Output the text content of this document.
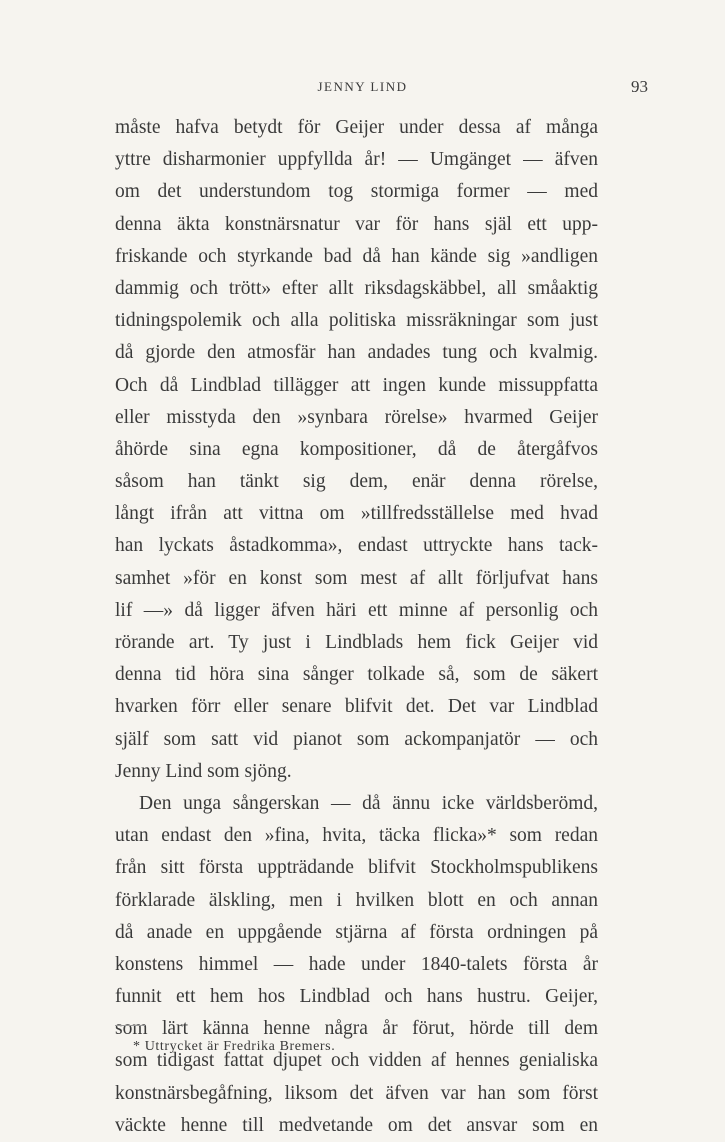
JENNY LIND	93
måste hafva betydt för Geijer under dessa af många
yttre disharmonier uppfyllda år! — Umgänget — äfven
om det understundom tog stormiga former — med
denna äkta konstnärsnatur var för hans själ ett upp-
friskande och styrkande bad då han kände sig »andligen
dammig och trött» efter allt riksdagskäbbel, all småaktig
tidningspolemik och alla politiska missräkningar som just
då gjorde den atmosfär han andades tung och kvalmig.
Och då Lindblad tillägger att ingen kunde missuppfatta
eller misstyda den »synbara rörelse» hvarmed Geijer
åhörde sina egna kompositioner, då de återgåfvos
såsom han tänkt sig dem, enär denna rörelse,
långt ifrån att vittna om »tillfredsställelse med hvad
han lyckats åstadkomma», endast uttryckte hans tack-
samhet »för en konst som mest af allt förljufvat hans
lif —» då ligger äfven häri ett minne af personlig och
rörande art. Ty just i Lindblads hem fick Geijer vid
denna tid höra sina sånger tolkade så, som de säkert
hvarken förr eller senare blifvit det. Det var Lindblad
själf som satt vid pianot som ackompanjatör — och
Jenny Lind som sjöng.
Den unga sångerskan — då ännu icke världsberömd,
utan endast den »fina, hvita, täcka flicka»* som redan
från sitt första uppträdande blifvit Stockholmspublikens
förklarade älskling, men i hvilken blott en och annan
då anade en uppgående stjärna af första ordningen på
konstens himmel — hade under 1840-talets första år
funnit ett hem hos Lindblad och hans hustru. Geijer,
som lärt känna henne några år förut, hörde till dem
som tidigast fattat djupet och vidden af hennes genialiska
konstnärsbegåfning, liksom det äfven var han som först
väckte henne till medvetande om det ansvar som en
* Uttrycket är Fredrika Bremers.
